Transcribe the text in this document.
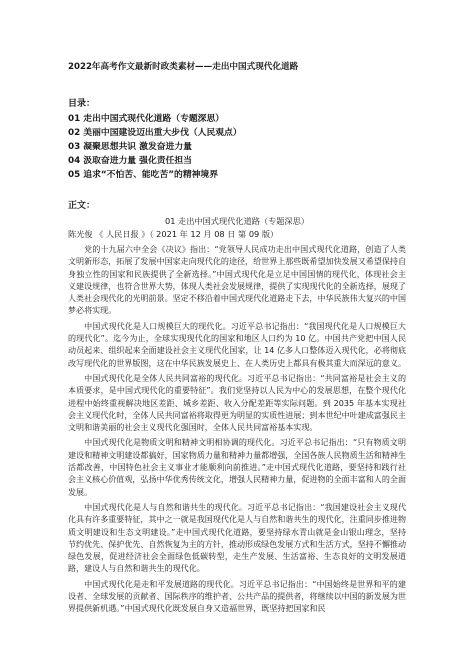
2022年高考作文最新时政类素材——走出中国式现代化道路
目录：
01 走出中国式现代化道路（专题深思）
02 美丽中国建设迈出重大步伐（人民观点）
03 凝聚思想共识 激发奋进力量
04 汲取奋进力量 强化责任担当
05 追求“不怕苦、能吃苦”的精神境界
正文：
01 走出中国式现代化道路（专题深思）
陈光俊 《 人民日报 》（ 2021 年 12 月 08 日 第 09 版）

党的十九届六中全会《决议》指出：“党领导人民成功走出中国式现代化道路，创造了人类文明新形态，拓展了发展中国家走向现代化的途径，给世界上那些既希望加快发展又希望保持自身独立性的国家和民族提供了全新选择。”中国式现代化是立足中国国情的现代化，体现社会主义建设规律，也符合世界大势，体现人类社会发展规律，提供了实现现代化的全新选择，展现了人类社会现代化的光明前景。坚定不移沿着中国式现代化道路走下去，中华民族伟大复兴的中国梦必将实现。

中国式现代化是人口规模巨大的现代化。习近平总书记指出：“我国现代化是人口规模巨大的现代化”。迄今为止，全球实现现代化的国家和地区人口约为 10 亿。中国共产党把中国人民动员起来、组织起来全面建设社会主义现代化国家，让 14 亿多人口整体迈入现代化，必将彻底改写现代化的世界版图，这在中华民族发展史上、在人类历史上都具有极其重大而深远的意义。

中国式现代化是全体人民共同富裕的现代化。习近平总书记指出：“共同富裕是社会主义的本质要求，是中国式现代化的重要特征”。我们党坚持以人民为中心的发展思想，在整个现代化进程中始终重视解决地区差距、城乡差距、收入分配差距等实际问题。到 2035 年基本实现社会主义现代化时，全体人民共同富裕将取得更为明显的实质性进展；到本世纪中叶建成富强民主文明和谐美丽的社会主义现代化强国时，全体人民共同富裕基本实现。

中国式现代化是物质文明和精神文明相协调的现代化。习近平总书记指出：“只有物质文明建设和精神文明建设都搞好，国家物质力量和精神力量都增强，全国各族人民物质生活和精神生活都改善，中国特色社会主义事业才能顺利向前推进。”走中国式现代化道路，要坚持和践行社会主义核心价值观，弘扬中华优秀传统文化，增强人民精神力量，促进物的全面丰富和人的全面发展。

中国式现代化是人与自然和谐共生的现代化。习近平总书记指出：“我国建设社会主义现代化具有许多重要特征，其中之一就是我国现代化是人与自然和谐共生的现代化，注重同步推进物质文明建设和生态文明建设。”走中国式现代化道路，要坚持绿水青山就是金山银山理念，坚持节约优先、保护优先、自然恢复为主的方针，推动形成绿色发展方式和生活方式，坚持不懈推动绿色发展，促进经济社会全面绿色低碳转型，走生产发展、生活富裕、生态良好的文明发展道路，建设人与自然和谐共生的现代化。

中国式现代化是走和平发展道路的现代化。习近平总书记指出：“中国始终是世界和平的建设者、全球发展的贡献者、国际秩序的维护者、公共产品的提供者，将继续以中国的新发展为世界提供新机遇。”中国式现代化既发展自身又造福世界，既坚持把国家和民
